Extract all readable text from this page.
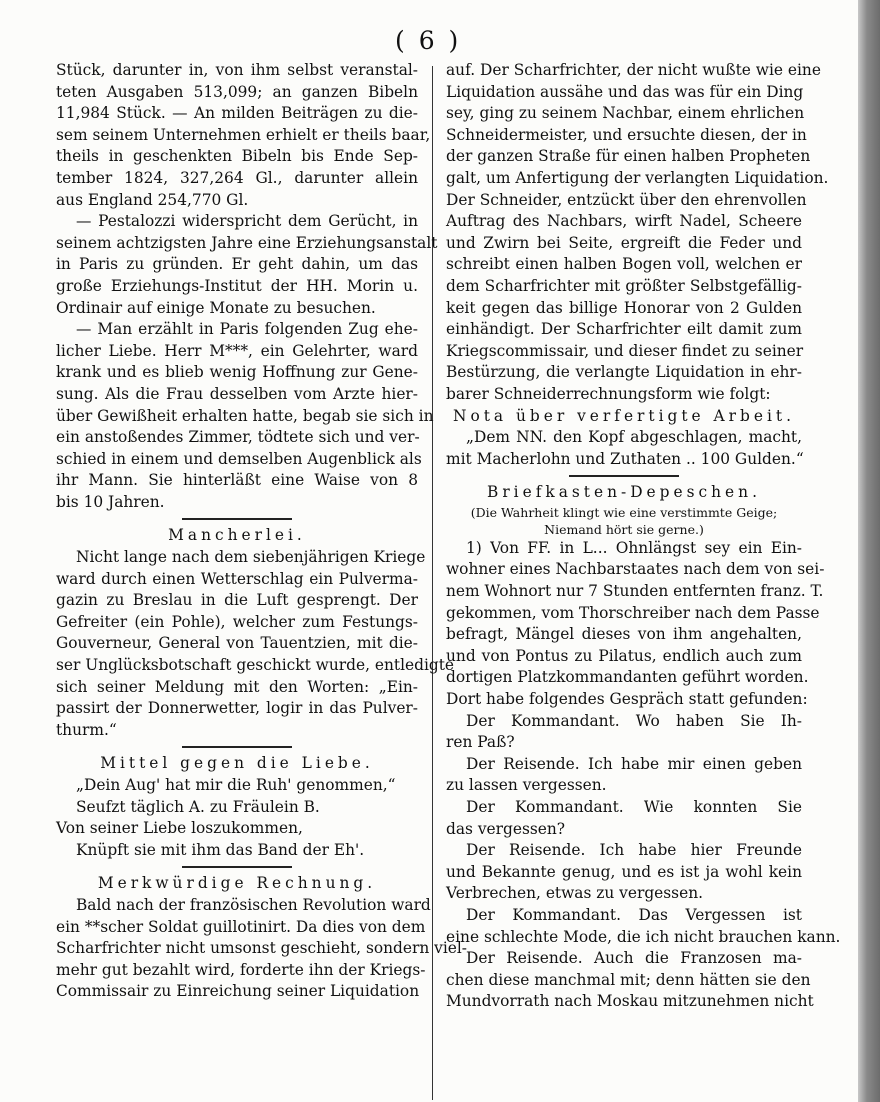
( 6 )
Stück, darunter in, von ihm selbst veranstal-
teten Ausgaben 513,099; an ganzen Bibeln
11,984 Stück. — An milden Beiträgen zu die-
sem seinem Unternehmen erhielt er theils baar,
theils in geschenkten Bibeln bis Ende Sep-
tember 1824, 327,264 Gl., darunter allein
aus England 254,770 Gl.
— Pestalozzi widerspricht dem Gerücht, in
seinem achtzigsten Jahre eine Erziehungsanstalt
in Paris zu gründen. Er geht dahin, um das
große Erziehungs-Institut der HH. Morin u.
Ordinair auf einige Monate zu besuchen.
— Man erzählt in Paris folgenden Zug ehe-
licher Liebe. Herr M***, ein Gelehrter, ward
krank und es blieb wenig Hoffnung zur Gene-
sung. Als die Frau desselben vom Arzte hier-
über Gewißheit erhalten hatte, begab sie sich in
ein anstoßendes Zimmer, tödtete sich und ver-
schied in einem und demselben Augenblick als
ihr Mann. Sie hinterläßt eine Waise von 8
bis 10 Jahren.
Mancherlei.
Nicht lange nach dem siebenjährigen Kriege
ward durch einen Wetterschlag ein Pulverma-
gazin zu Breslau in die Luft gesprengt. Der
Gefreiter (ein Pohle), welcher zum Festungs-
Gouverneur, General von Tauentzien, mit die-
ser Unglücksbotschaft geschickt wurde, entledigte
sich seiner Meldung mit den Worten: „Ein-
passirt der Donnerwetter, logir in das Pulver-
thurm.“
Mittel gegen die Liebe.
„Dein Aug' hat mir die Ruh' genommen,“
Seufzt täglich A. zu Fräulein B.
Von seiner Liebe loszukommen,
Knüpft sie mit ihm das Band der Eh'.
Merkwürdige Rechnung.
Bald nach der französischen Revolution ward
ein **scher Soldat guillotinirt. Da dies von dem
Scharfrichter nicht umsonst geschieht, sondern viel-
mehr gut bezahlt wird, forderte ihn der Kriegs-
Commissair zu Einreichung seiner Liquidation
auf. Der Scharfrichter, der nicht wußte wie eine
Liquidation aussähe und das was für ein Ding
sey, ging zu seinem Nachbar, einem ehrlichen
Schneidermeister, und ersuchte diesen, der in
der ganzen Straße für einen halben Propheten
galt, um Anfertigung der verlangten Liquidation.
Der Schneider, entzückt über den ehrenvollen
Auftrag des Nachbars, wirft Nadel, Scheere
und Zwirn bei Seite, ergreift die Feder und
schreibt einen halben Bogen voll, welchen er
dem Scharfrichter mit größter Selbstgefällig-
keit gegen das billige Honorar von 2 Gulden
einhändigt. Der Scharfrichter eilt damit zum
Kriegscommissair, und dieser findet zu seiner
Bestürzung, die verlangte Liquidation in ehr-
barer Schneiderrechnungsform wie folgt:
Nota über verfertigte Arbeit.
„Dem NN. den Kopf abgeschlagen, macht,
mit Macherlohn und Zuthaten .. 100 Gulden.“
Briefkasten-Depeschen.
(Die Wahrheit klingt wie eine verstimmte Geige;
Niemand hört sie gerne.)
1) Von FF. in L... Ohnlängst sey ein Ein-
wohner eines Nachbarstaates nach dem von sei-
nem Wohnort nur 7 Stunden entfernten franz. T.
gekommen, vom Thorschreiber nach dem Passe
befragt, Mängel dieses von ihm angehalten,
und von Pontus zu Pilatus, endlich auch zum
dortigen Platzkommandanten geführt worden.
Dort habe folgendes Gespräch statt gefunden:
Der Kommandant. Wo haben Sie Ih-
ren Paß?
Der Reisende. Ich habe mir einen geben
zu lassen vergessen.
Der Kommandant. Wie konnten Sie
das vergessen?
Der Reisende. Ich habe hier Freunde
und Bekannte genug, und es ist ja wohl kein
Verbrechen, etwas zu vergessen.
Der Kommandant. Das Vergessen ist
eine schlechte Mode, die ich nicht brauchen kann.
Der Reisende. Auch die Franzosen ma-
chen diese manchmal mit; denn hätten sie den
Mundvorrath nach Moskau mitzunehmen nicht
